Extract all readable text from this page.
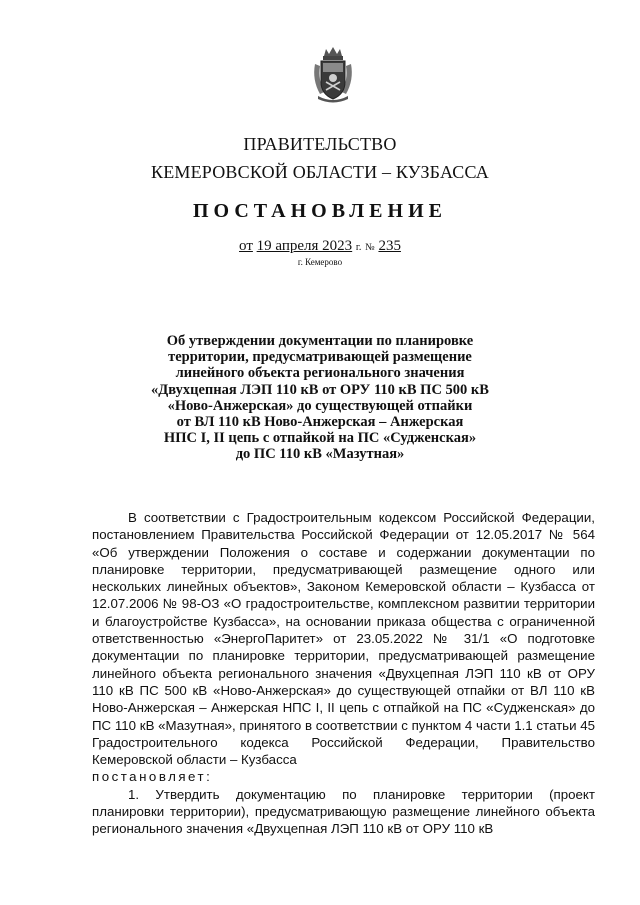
ПРАВИТЕЛЬСТВО
КЕМЕРОВСКОЙ ОБЛАСТИ – КУЗБАССА
ПОСТАНОВЛЕНИЕ
от 19 апреля 2023 г. № 235
г. Кемерово
Об утверждении документации по планировке
территории, предусматривающей размещение
линейного объекта регионального значения
«Двухцепная ЛЭП 110 кВ от ОРУ 110 кВ ПС 500 кВ
«Ново-Анжерская» до существующей отпайки
от ВЛ 110 кВ Ново-Анжерская – Анжерская
НПС I, II цепь с отпайкой на ПС «Судженская»
до ПС 110 кВ «Мазутная»

В соответствии с Градостроительным кодексом Российской Федерации, постановлением Правительства Российской Федерации от 12.05.2017 № 564 «Об утверждении Положения о составе и содержании документации по планировке территории, предусматривающей размещение одного или нескольких линейных объектов», Законом Кемеровской области – Кузбасса от 12.07.2006 № 98-ОЗ «О градостроительстве, комплексном развитии территории и благоустройстве Кузбасса», на основании приказа общества с ограниченной ответственностью «ЭнергоПаритет» от 23.05.2022 № 31/1 «О подготовке документации по планировке территории, предусматривающей размещение линейного объекта регионального значения «Двухцепная ЛЭП 110 кВ от ОРУ 110 кВ ПС 500 кВ «Ново-Анжерская» до существующей отпайки от ВЛ 110 кВ Ново-Анжерская – Анжерская НПС I, II цепь с отпайкой на ПС «Судженская» до ПС 110 кВ «Мазутная», принятого в соответствии с пунктом 4 части 1.1 статьи 45 Градостроительного кодекса Российской Федерации, Правительство Кемеровской области – Кузбасса

постановляет:

1. Утвердить документацию по планировке территории (проект планировки территории), предусматривающую размещение линейного объекта регионального значения «Двухцепная ЛЭП 110 кВ от ОРУ 110 кВ
